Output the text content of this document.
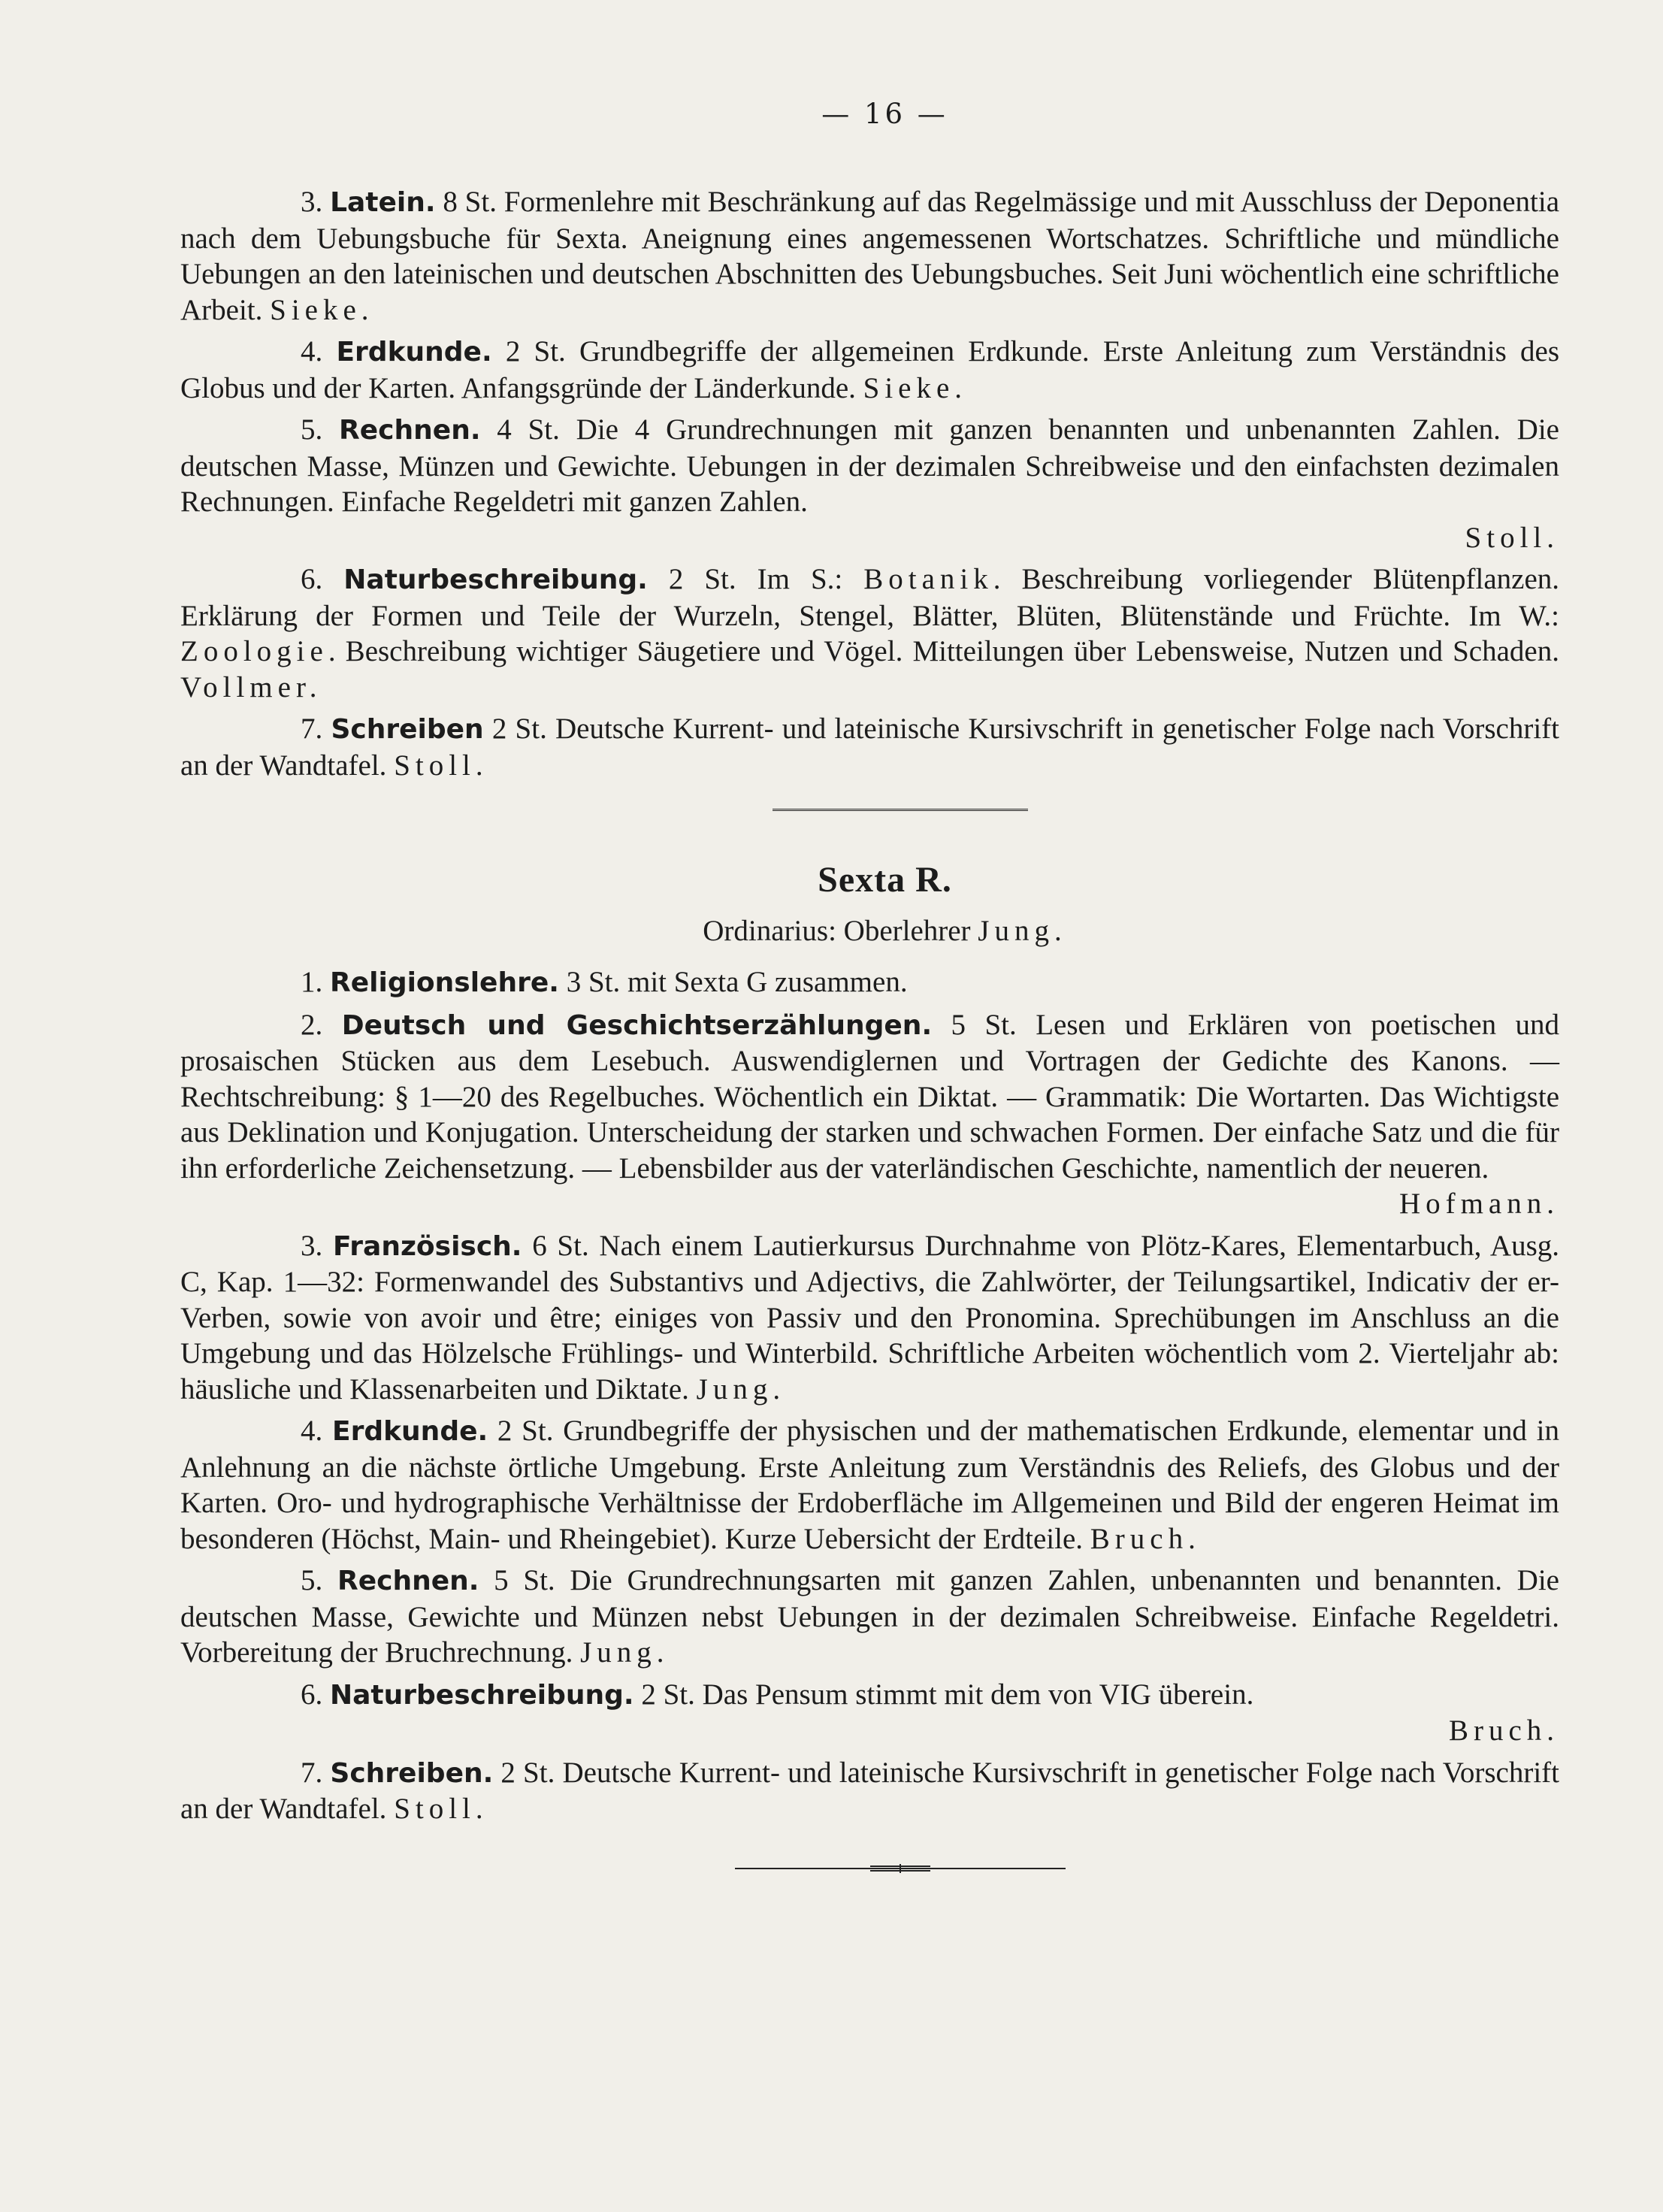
— 16 —

3. Latein. 8 St. Formenlehre mit Beschränkung auf das Regelmässige und mit Ausschluss der Deponentia nach dem Uebungsbuche für Sexta. Aneignung eines angemessenen Wortschatzes. Schriftliche und mündliche Uebungen an den lateinischen und deutschen Abschnitten des Uebungsbuches. Seit Juni wöchentlich eine schriftliche Arbeit. Sieke.

4. Erdkunde. 2 St. Grundbegriffe der allgemeinen Erdkunde. Erste Anleitung zum Verständnis des Globus und der Karten. Anfangsgründe der Länderkunde. Sieke.

5. Rechnen. 4 St. Die 4 Grundrechnungen mit ganzen benannten und unbenannten Zahlen. Die deutschen Masse, Münzen und Gewichte. Uebungen in der dezimalen Schreibweise und den einfachsten dezimalen Rechnungen. Einfache Regeldetri mit ganzen Zahlen.
Stoll.

6. Naturbeschreibung. 2 St. Im S.: Botanik. Beschreibung vorliegender Blütenpflanzen. Erklärung der Formen und Teile der Wurzeln, Stengel, Blätter, Blüten, Blütenstände und Früchte. Im W.: Zoologie. Beschreibung wichtiger Säugetiere und Vögel. Mitteilungen über Lebensweise, Nutzen und Schaden. Vollmer.

7. Schreiben 2 St. Deutsche Kurrent- und lateinische Kursivschrift in genetischer Folge nach Vorschrift an der Wandtafel. Stoll.

Sexta R.
Ordinarius: Oberlehrer Jung.

1. Religionslehre. 3 St. mit Sexta G zusammen.

2. Deutsch und Geschichtserzählungen. 5 St. Lesen und Erklären von poetischen und prosaischen Stücken aus dem Lesebuch. Auswendiglernen und Vortragen der Gedichte des Kanons. — Rechtschreibung: § 1—20 des Regelbuches. Wöchentlich ein Diktat. — Grammatik: Die Wortarten. Das Wichtigste aus Deklination und Konjugation. Unterscheidung der starken und schwachen Formen. Der einfache Satz und die für ihn erforderliche Zeichensetzung. — Lebensbilder aus der vaterländischen Geschichte, namentlich der neueren.
Hofmann.

3. Französisch. 6 St. Nach einem Lautierkursus Durchnahme von Plötz-Kares, Elementarbuch, Ausg. C, Kap. 1—32: Formenwandel des Substantivs und Adjectivs, die Zahlwörter, der Teilungsartikel, Indicativ der er-Verben, sowie von avoir und être; einiges von Passiv und den Pronomina. Sprechübungen im Anschluss an die Umgebung und das Hölzelsche Frühlings- und Winterbild. Schriftliche Arbeiten wöchentlich vom 2. Vierteljahr ab: häusliche und Klassenarbeiten und Diktate. Jung.

4. Erdkunde. 2 St. Grundbegriffe der physischen und der mathematischen Erdkunde, elementar und in Anlehnung an die nächste örtliche Umgebung. Erste Anleitung zum Verständnis des Reliefs, des Globus und der Karten. Oro- und hydrographische Verhältnisse der Erdoberfläche im Allgemeinen und Bild der engeren Heimat im besonderen (Höchst, Main- und Rheingebiet). Kurze Uebersicht der Erdteile. Bruch.

5. Rechnen. 5 St. Die Grundrechnungsarten mit ganzen Zahlen, unbenannten und benannten. Die deutschen Masse, Gewichte und Münzen nebst Uebungen in der dezimalen Schreibweise. Einfache Regeldetri. Vorbereitung der Bruchrechnung. Jung.

6. Naturbeschreibung. 2 St. Das Pensum stimmt mit dem von VIG überein.
Bruch.

7. Schreiben. 2 St. Deutsche Kurrent- und lateinische Kursivschrift in genetischer Folge nach Vorschrift an der Wandtafel. Stoll.
